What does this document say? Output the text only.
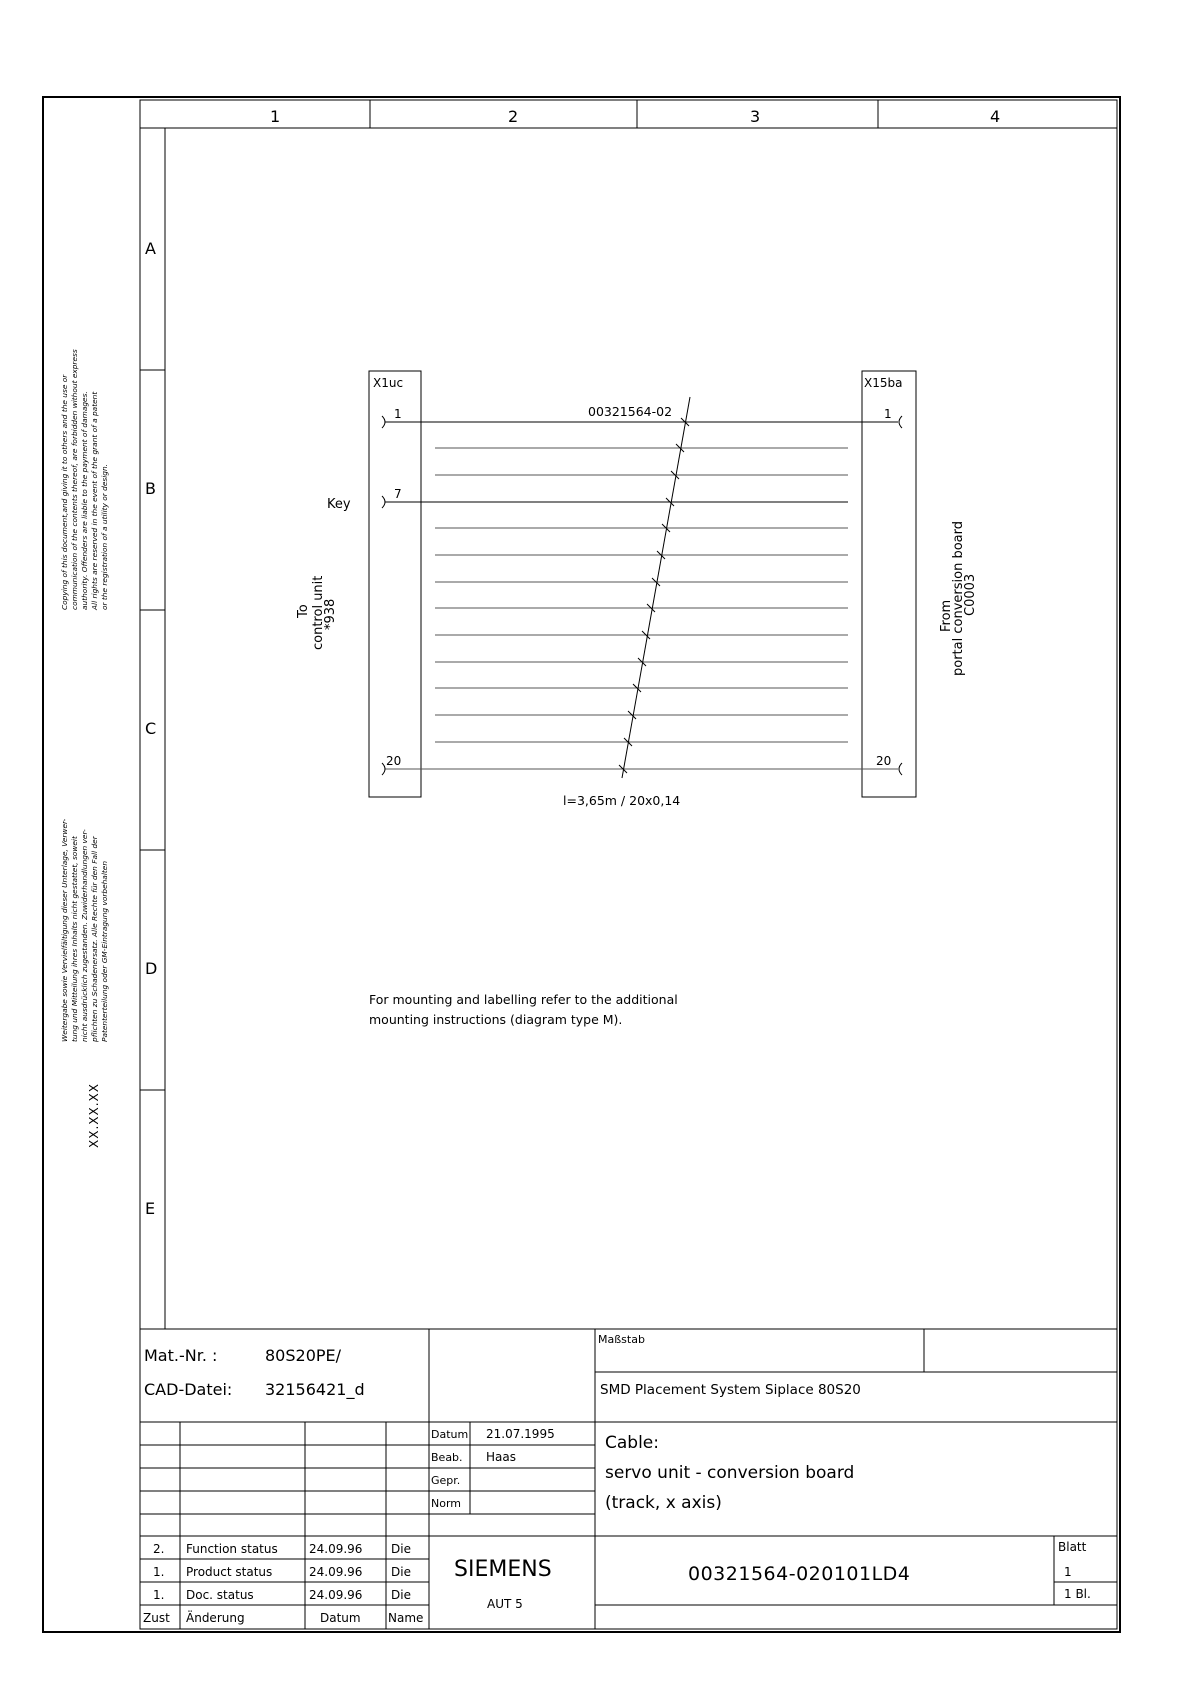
1	2	3	4
A
B
C
D
E
Copying of this document,and giving it to others and the use or communication of the contents thereof, are forbidden without express authority. Offenders are liable to the payment of damages. All rights are reserved in the event of the grant of a patent or the registration of a utility or design.
Weitergabe sowie Vervielfältigung dieser Unterlage, Verwer- tung und Mitteilung ihres Inhalts nicht gestattet, soweit nicht ausdrücklich zugestanden. Zuwiderhandlungen ver- pflichten zu Schadenersatz. Alle Rechte für den Fall der Patenterteilung oder GM-Eintragung vorbehalten
XX.XX.XX
X1uc	X15ba
1
7
20
1
20
00321564-02
l=3,65m / 20x0,14
Key
To control unit
*938	From
portal conversion board
C0003
For mounting and labelling refer to the additional
mounting instructions (diagram type M).
Mat.-Nr. :	80S20PE/
CAD-Datei: 32156421_d
Maßstab
SMD Placement System Siplace 80S20
Datum 21.07.1995
Beab. Haas
Gepr.
Norm
Cable:
servo unit - conversion board
(track, x axis)
2. Function status	24.09.96 Die
1. Product status	24.09.96 Die
1. Doc. status	24.09.96 Die
Zust Änderung	Datum Name
SIEMENS
AUT 5
00321564-020101LD4
Blatt
1
1 Bl.
